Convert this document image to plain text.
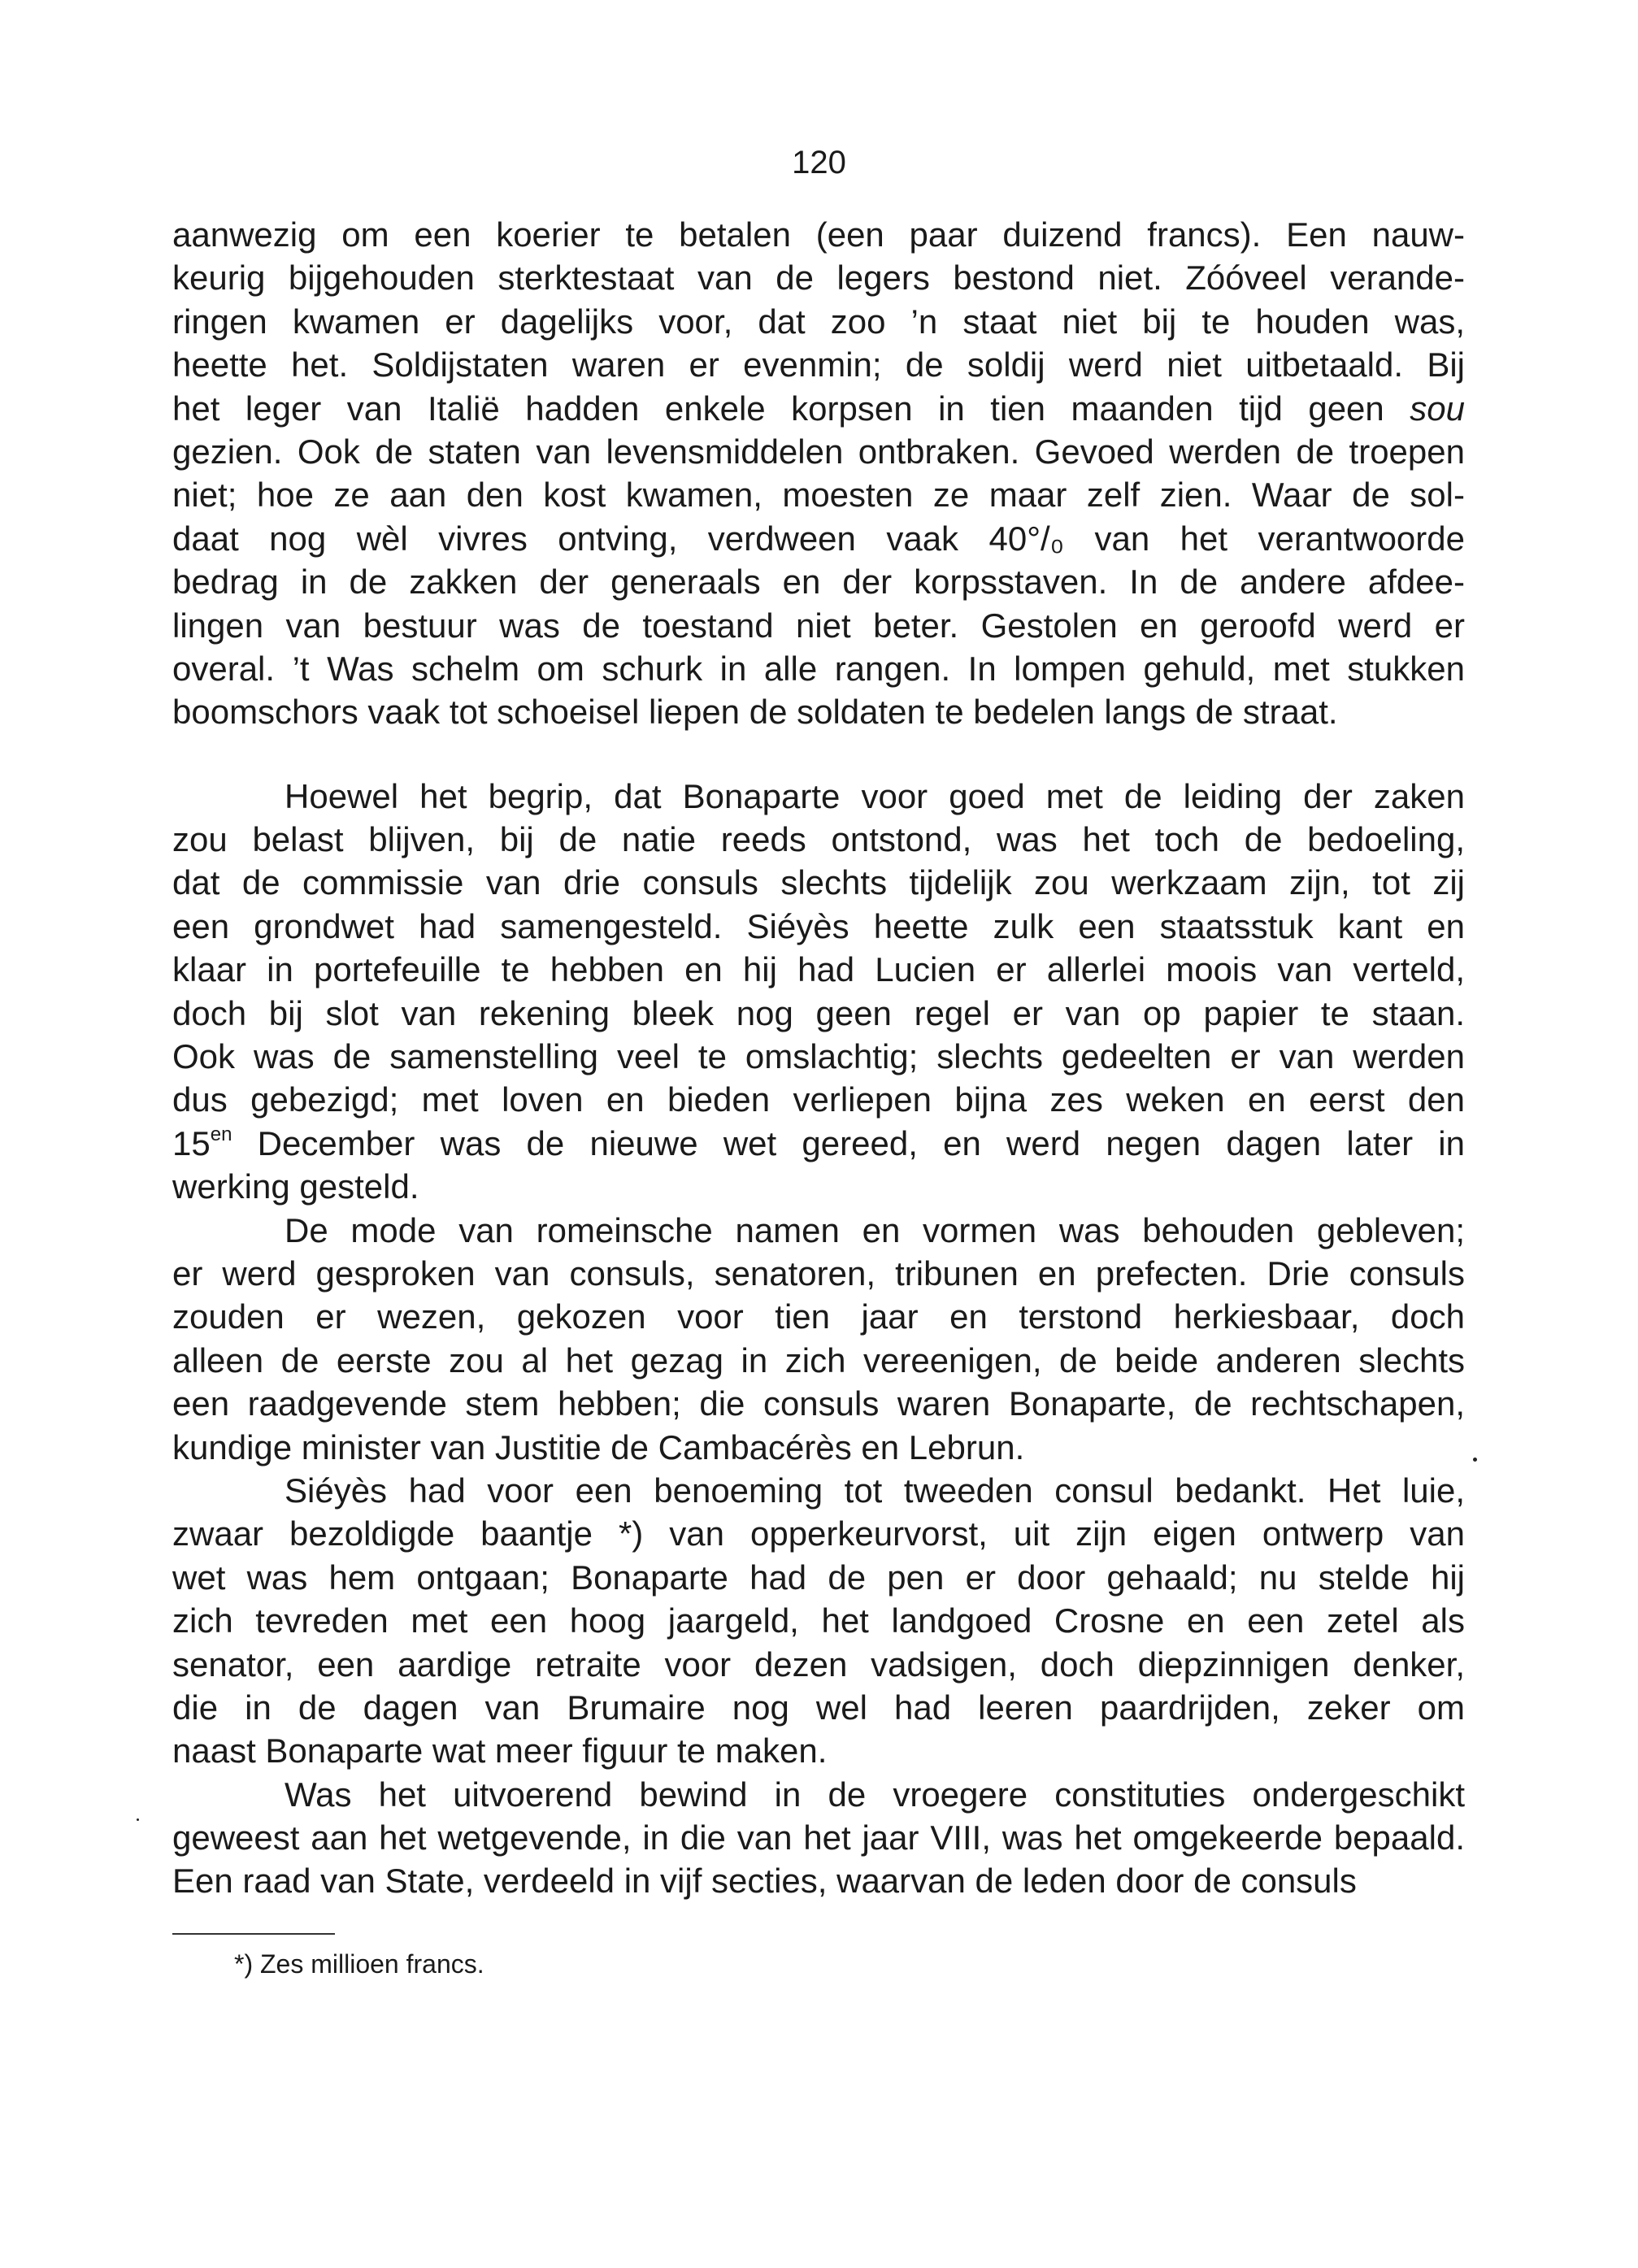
120
aanwezig om een koerier te betalen (een paar duizend francs). Een nauw-
keurig bijgehouden sterktestaat van de legers bestond niet. Zóóveel verande-
ringen kwamen er dagelijks voor, dat zoo ’n staat niet bij te houden was,
heette het. Soldijstaten waren er evenmin; de soldij werd niet uitbetaald. Bij
het leger van Italië hadden enkele korpsen in tien maanden tijd geen sou
gezien. Ook de staten van levensmiddelen ontbraken. Gevoed werden de troepen
niet; hoe ze aan den kost kwamen, moesten ze maar zelf zien. Waar de sol-
daat nog wèl vivres ontving, verdween vaak 40°/₀ van het verantwoorde
bedrag in de zakken der generaals en der korpsstaven. In de andere afdee-
lingen van bestuur was de toestand niet beter. Gestolen en geroofd werd er
overal. ’t Was schelm om schurk in alle rangen. In lompen gehuld, met stukken
boomschors vaak tot schoeisel liepen de soldaten te bedelen langs de straat.
Hoewel het begrip, dat Bonaparte voor goed met de leiding der zaken
zou belast blijven, bij de natie reeds ontstond, was het toch de bedoeling,
dat de commissie van drie consuls slechts tijdelijk zou werkzaam zijn, tot zij
een grondwet had samengesteld. Siéyès heette zulk een staatsstuk kant en
klaar in portefeuille te hebben en hij had Lucien er allerlei moois van verteld,
doch bij slot van rekening bleek nog geen regel er van op papier te staan.
Ook was de samenstelling veel te omslachtig; slechts gedeelten er van werden
dus gebezigd; met loven en bieden verliepen bijna zes weken en eerst den
$15^{en}$ December was de nieuwe wet gereed, en werd negen dagen later in
werking gesteld.
De mode van romeinsche namen en vormen was behouden gebleven;
er werd gesproken van consuls, senatoren, tribunen en prefecten. Drie consuls
zouden er wezen, gekozen voor tien jaar en terstond herkiesbaar, doch
alleen de eerste zou al het gezag in zich vereenigen, de beide anderen slechts
een raadgevende stem hebben; die consuls waren Bonaparte, de rechtschapen,
kundige minister van Justitie de Cambacérès en Lebrun.
Siéyès had voor een benoeming tot tweeden consul bedankt. Het luie,
zwaar bezoldigde baantje *) van opperkeurvorst, uit zijn eigen ontwerp van
wet was hem ontgaan; Bonaparte had de pen er door gehaald; nu stelde hij
zich tevreden met een hoog jaargeld, het landgoed Crosne en een zetel als
senator, een aardige retraite voor dezen vadsigen, doch diepzinnigen denker,
die in de dagen van Brumaire nog wel had leeren paardrijden, zeker om
naast Bonaparte wat meer figuur te maken.
Was het uitvoerend bewind in de vroegere constituties ondergeschikt
geweest aan het wetgevende, in die van het jaar VIII, was het omgekeerde bepaald.
Een raad van State, verdeeld in vijf secties, waarvan de leden door de consuls
*) Zes millioen francs.
